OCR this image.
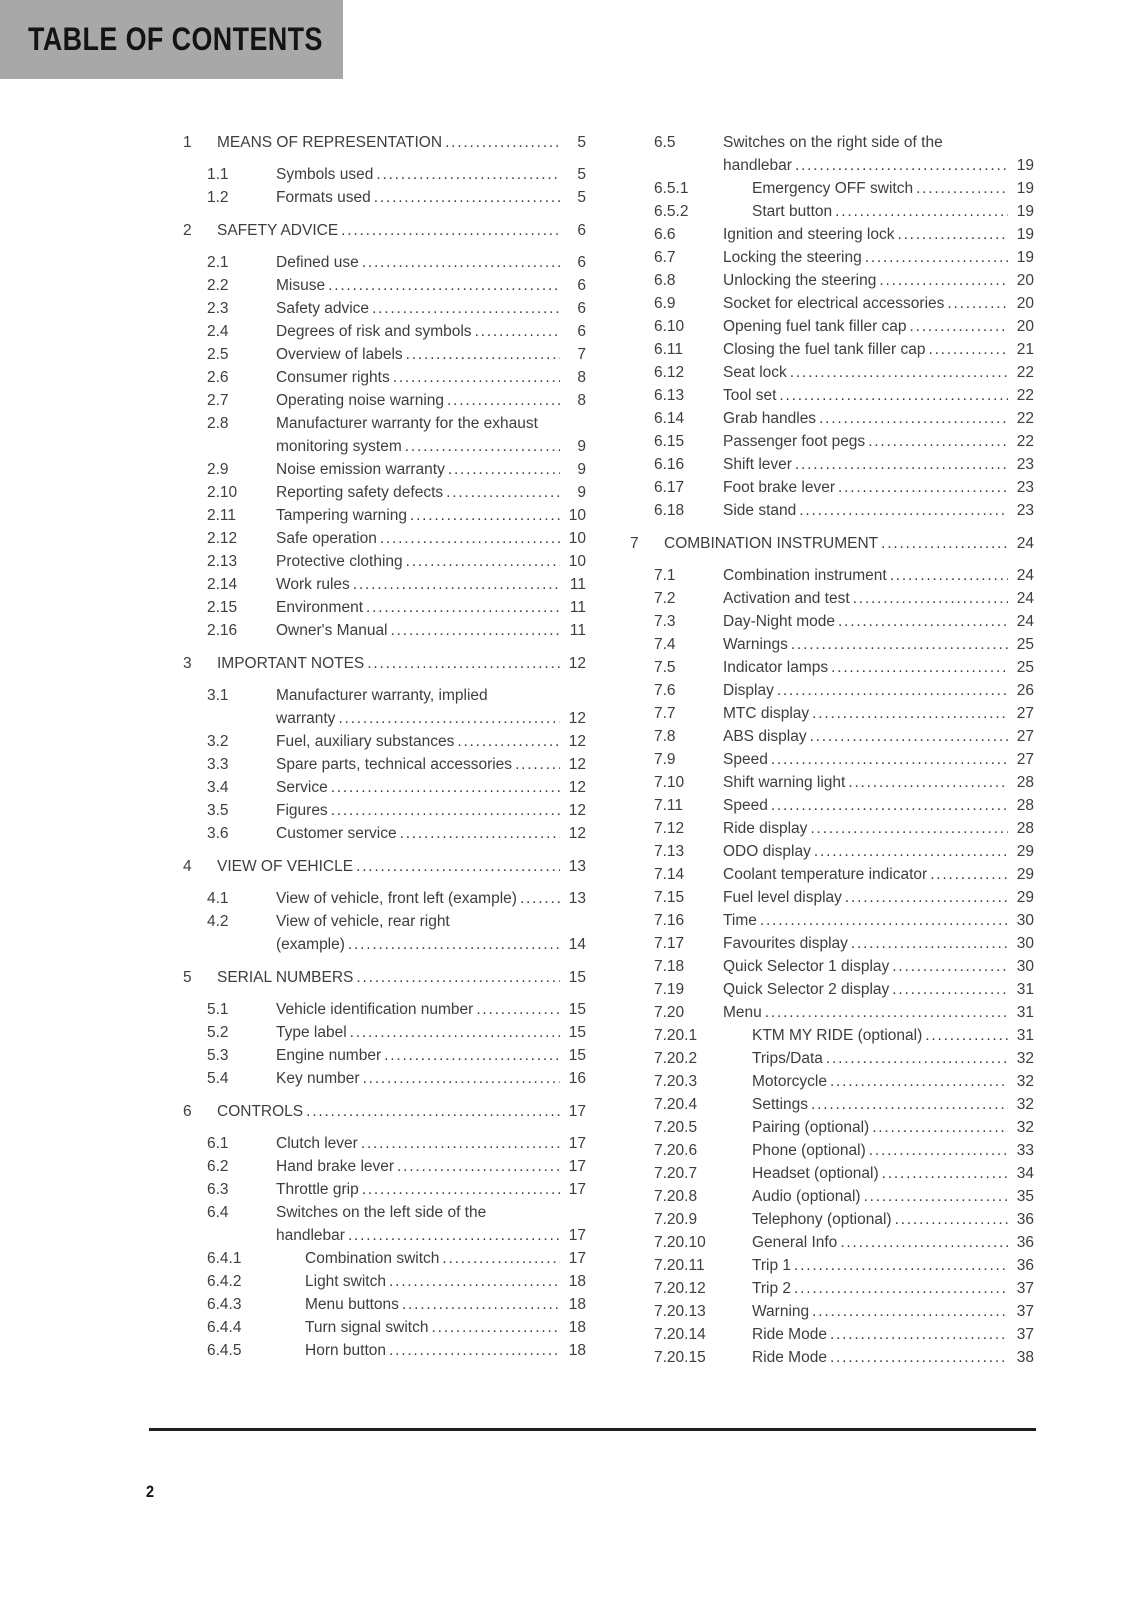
TABLE OF CONTENTS
1	MEANS OF REPRESENTATION .....	5
1.1	Symbols used .....	5
1.2	Formats used .....	5
2	SAFETY ADVICE .....	6
2.1	Defined use .....	6
2.2	Misuse .....	6
2.3	Safety advice .....	6
2.4	Degrees of risk and symbols .....	6
2.5	Overview of labels .....	7
2.6	Consumer rights .....	8
2.7	Operating noise warning .....	8
2.8	Manufacturer warranty for the exhaust
monitoring system .....	9
2.9	Noise emission warranty .....	9
2.10	Reporting safety defects .....	9
2.11	Tampering warning .....	10
2.12	Safe operation .....	10
2.13	Protective clothing .....	10
2.14	Work rules .....	11
2.15	Environment .....	11
2.16	Owner's Manual .....	11
3	IMPORTANT NOTES .....	12
3.1	Manufacturer warranty, implied
warranty .....	12
3.2	Fuel, auxiliary substances .....	12
3.3	Spare parts, technical accessories .....	12
3.4	Service .....	12
3.5	Figures .....	12
3.6	Customer service .....	12
4	VIEW OF VEHICLE .....	13
4.1	View of vehicle, front left (example) .....	13
4.2	View of vehicle, rear right
(example) .....	14
5	SERIAL NUMBERS .....	15
5.1	Vehicle identification number .....	15
5.2	Type label .....	15
5.3	Engine number .....	15
5.4	Key number .....	16
6	CONTROLS .....	17
6.1	Clutch lever .....	17
6.2	Hand brake lever .....	17
6.3	Throttle grip .....	17
6.4	Switches on the left side of the
handlebar .....	17
6.4.1	Combination switch .....	17
6.4.2	Light switch .....	18
6.4.3	Menu buttons .....	18
6.4.4	Turn signal switch .....	18
6.4.5	Horn button .....	18
6.5	Switches on the right side of the
handlebar .....	19
6.5.1	Emergency OFF switch .....	19
6.5.2	Start button .....	19
6.6	Ignition and steering lock .....	19
6.7	Locking the steering .....	19
6.8	Unlocking the steering .....	20
6.9	Socket for electrical accessories .....	20
6.10	Opening fuel tank filler cap .....	20
6.11	Closing the fuel tank filler cap .....	21
6.12	Seat lock .....	22
6.13	Tool set .....	22
6.14	Grab handles .....	22
6.15	Passenger foot pegs .....	22
6.16	Shift lever .....	23
6.17	Foot brake lever .....	23
6.18	Side stand .....	23
7	COMBINATION INSTRUMENT .....	24
7.1	Combination instrument .....	24
7.2	Activation and test .....	24
7.3	Day-Night mode .....	24
7.4	Warnings .....	25
7.5	Indicator lamps .....	25
7.6	Display .....	26
7.7	MTC display .....	27
7.8	ABS display .....	27
7.9	Speed .....	27
7.10	Shift warning light .....	28
7.11	Speed .....	28
7.12	Ride display .....	28
7.13	ODO display .....	29
7.14	Coolant temperature indicator .....	29
7.15	Fuel level display .....	29
7.16	Time .....	30
7.17	Favourites display .....	30
7.18	Quick Selector 1 display .....	30
7.19	Quick Selector 2 display .....	31
7.20	Menu .....	31
7.20.1	KTM MY RIDE (optional) .....	31
7.20.2	Trips/Data .....	32
7.20.3	Motorcycle .....	32
7.20.4	Settings .....	32
7.20.5	Pairing (optional) .....	32
7.20.6	Phone (optional) .....	33
7.20.7	Headset (optional) .....	34
7.20.8	Audio (optional) .....	35
7.20.9	Telephony (optional) .....	36
7.20.10	General Info .....	36
7.20.11	Trip 1 .....	36
7.20.12	Trip 2 .....	37
7.20.13	Warning .....	37
7.20.14	Ride Mode .....	37
7.20.15	Ride Mode .....	38
2
